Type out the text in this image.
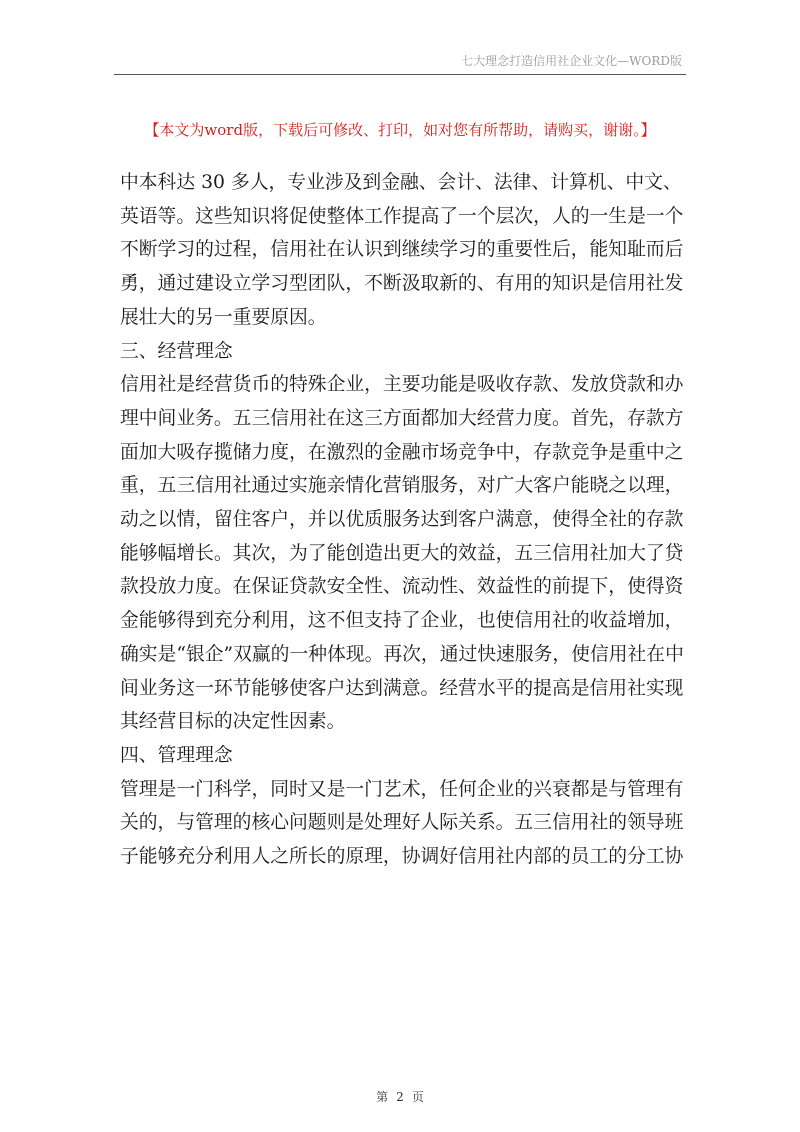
七大理念打造信用社企业文化—WORD版
【本文为word版，下载后可修改、打印，如对您有所帮助，请购买，谢谢。】
中本科达 30 多人，专业涉及到金融、会计、法律、计算机、中文、
英语等。这些知识将促使整体工作提高了一个层次，人的一生是一个
不断学习的过程，信用社在认识到继续学习的重要性后，能知耻而后
勇，通过建设立学习型团队，不断汲取新的、有用的知识是信用社发
展壮大的另一重要原因。
三、经营理念
信用社是经营货币的特殊企业，主要功能是吸收存款、发放贷款和办
理中间业务。五三信用社在这三方面都加大经营力度。首先，存款方
面加大吸存揽储力度，在激烈的金融市场竞争中，存款竞争是重中之
重，五三信用社通过实施亲情化营销服务，对广大客户能晓之以理，
动之以情，留住客户，并以优质服务达到客户满意，使得全社的存款
能够幅增长。其次，为了能创造出更大的效益，五三信用社加大了贷
款投放力度。在保证贷款安全性、流动性、效益性的前提下，使得资
金能够得到充分利用，这不但支持了企业，也使信用社的收益增加，
确实是“银企”双赢的一种体现。再次，通过快速服务，使信用社在中
间业务这一环节能够使客户达到满意。经营水平的提高是信用社实现
其经营目标的决定性因素。
四、管理理念
管理是一门科学，同时又是一门艺术，任何企业的兴衰都是与管理有
关的，与管理的核心问题则是处理好人际关系。五三信用社的领导班
子能够充分利用人之所长的原理，协调好信用社内部的员工的分工协
第 2 页
